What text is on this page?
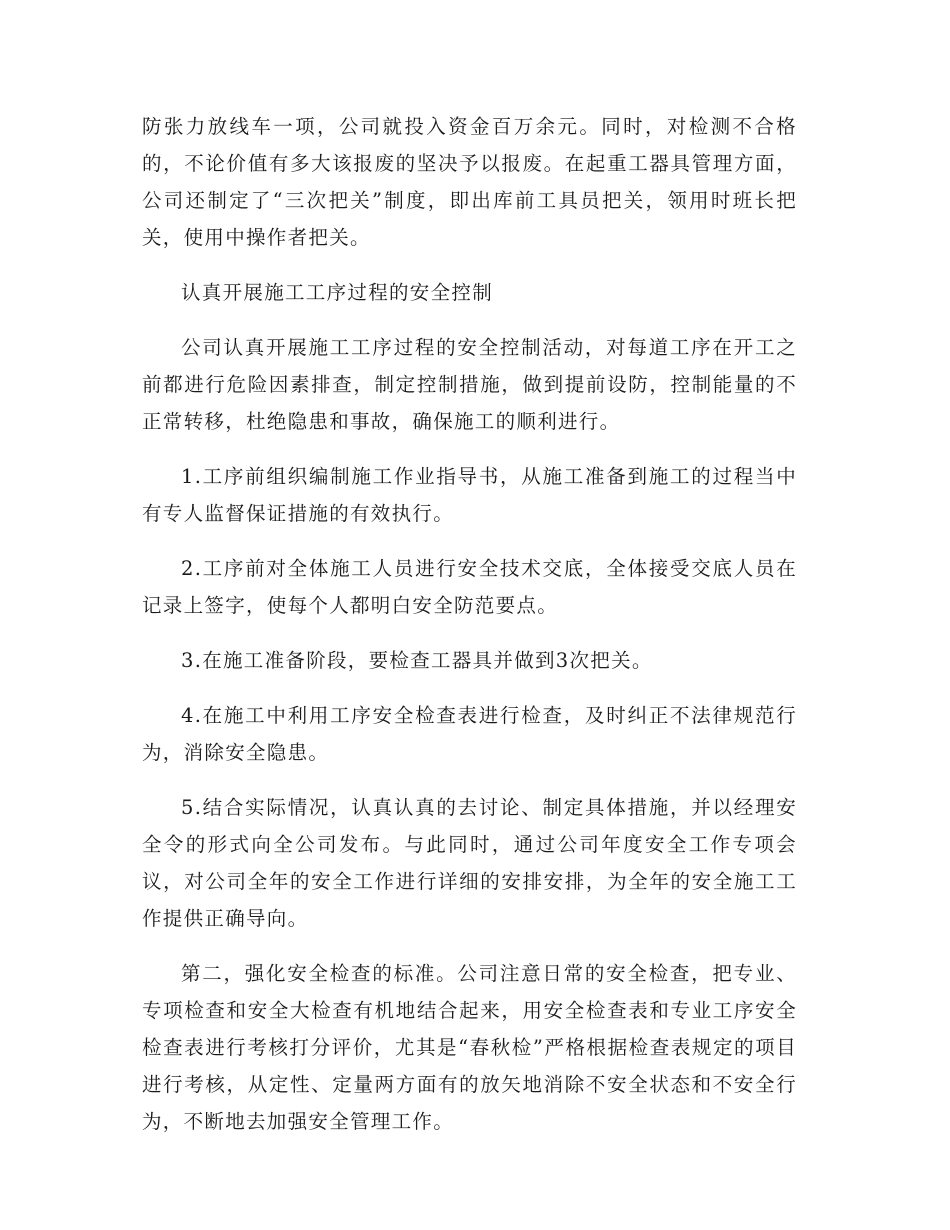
防张力放线车一项，公司就投入资金百万余元。同时，对检测不合格的，不论价值有多大该报废的坚决予以报废。在起重工器具管理方面，公司还制定了“三次把关”制度，即出库前工具员把关，领用时班长把关，使用中操作者把关。

认真开展施工工序过程的安全控制

公司认真开展施工工序过程的安全控制活动，对每道工序在开工之前都进行危险因素排查，制定控制措施，做到提前设防，控制能量的不正常转移，杜绝隐患和事故，确保施工的顺利进行。

1.工序前组织编制施工作业指导书，从施工准备到施工的过程当中有专人监督保证措施的有效执行。

2.工序前对全体施工人员进行安全技术交底，全体接受交底人员在记录上签字，使每个人都明白安全防范要点。

3.在施工准备阶段，要检查工器具并做到3次把关。

4.在施工中利用工序安全检查表进行检查，及时纠正不法律规范行为，消除安全隐患。

5.结合实际情况，认真认真的去讨论、制定具体措施，并以经理安全令的形式向全公司发布。与此同时，通过公司年度安全工作专项会议，对公司全年的安全工作进行详细的安排安排，为全年的安全施工工作提供正确导向。

第二，强化安全检查的标准。公司注意日常的安全检查，把专业、专项检查和安全大检查有机地结合起来，用安全检查表和专业工序安全检查表进行考核打分评价，尤其是“春秋检”严格根据检查表规定的项目进行考核，从定性、定量两方面有的放矢地消除不安全状态和不安全行为，不断地去加强安全管理工作。
